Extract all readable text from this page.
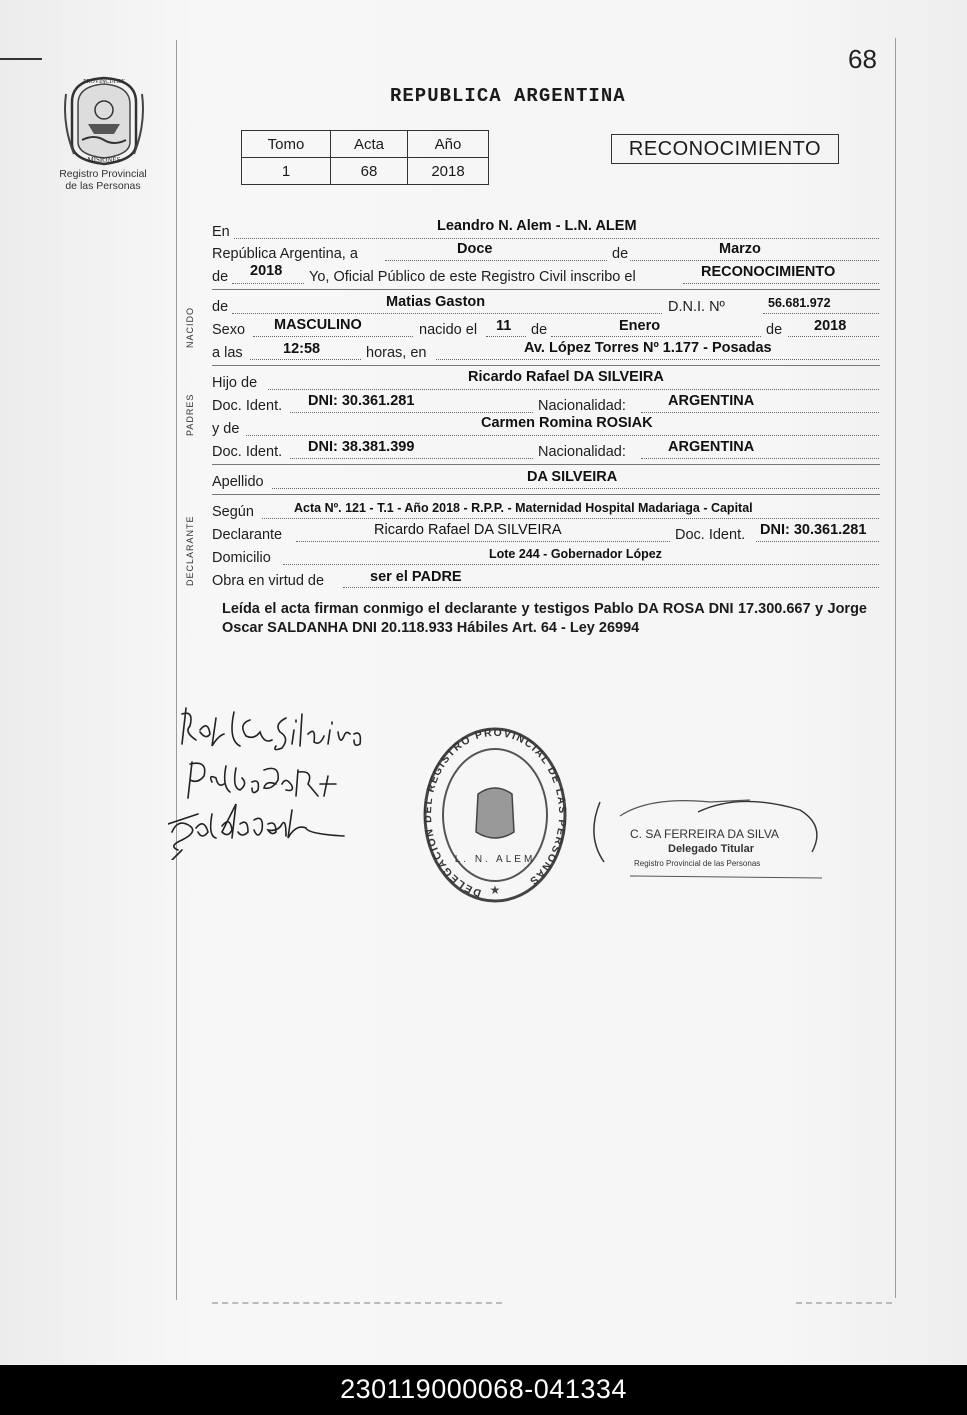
68
REPUBLICA ARGENTINA
PROVINCIA DE
MISIONES
Registro Provincial
de las Personas
Tomo	Acta	Año
1	68	2018
RECONOCIMIENTO
NACIDO
PADRES
DECLARANTE
En	Leandro N. Alem - L.N. ALEM
República Argentina, a	Doce	de	Marzo
de 2018 Yo, Oficial Público de este Registro Civil inscribo el	RECONOCIMIENTO
de	Matias Gaston	D.N.I. Nº	56.681.972
Sexo MASCULINO	nacido el 11 de	Enero	de 2018
a las	12:58	horas, en	Av. López Torres Nº 1.177 - Posadas
Hijo de	Ricardo Rafael DA SILVEIRA
Doc. Ident. DNI: 30.361.281	Nacionalidad:	ARGENTINA
y de	Carmen Romina ROSIAK
Doc. Ident. DNI: 38.381.399	Nacionalidad:	ARGENTINA
Apellido	DA SILVEIRA
Según	Acta Nº. 121 - T.1 - Año 2018 - R.P.P. - Maternidad Hospital Madariaga - Capital
Declarante	Ricardo Rafael DA SILVEIRA	Doc. Ident. DNI: 30.361.281
Domicilio	Lote 244 - Gobernador López
Obra en virtud de	ser el PADRE
Leída el acta firman conmigo el declarante y testigos Pablo DA ROSA DNI 17.300.667 y Jorge Oscar SALDANHA DNI 20.118.933 Hábiles Art. 64 - Ley 26994
DELEGACION DEL REGISTRO PROVINCIAL DE LAS PERSONAS
L. N. ALEM
★
C. SA FERREIRA DA SILVA
Delegado Titular
Registro Provincial de las Personas
230119000068-041334
